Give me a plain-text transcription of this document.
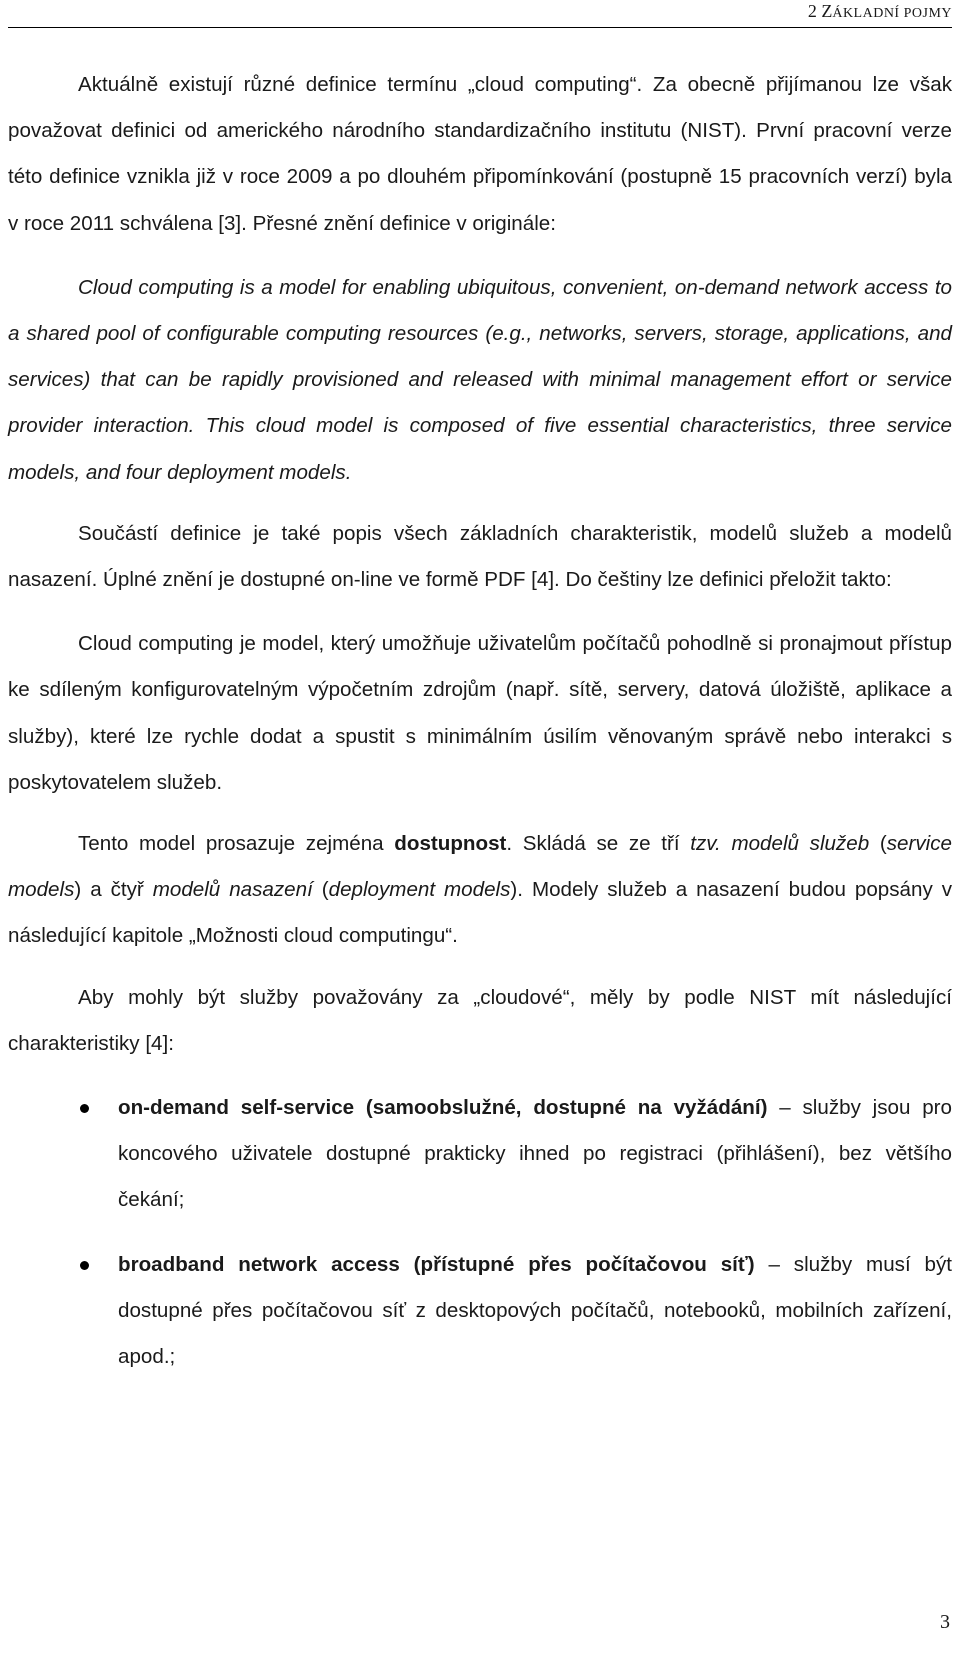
2 ZÁKLADNÍ POJMY

Aktuálně existují různé definice termínu „cloud computing“. Za obecně přijímanou lze však považovat definici od amerického národního standardizačního institutu (NIST). První pracovní verze této definice vznikla již v roce 2009 a po dlouhém připomínkování (postupně 15 pracovních verzí) byla v roce 2011 schválena [3]. Přesné znění definice v originále:

Cloud computing is a model for enabling ubiquitous, convenient, on-demand network access to a shared pool of configurable computing resources (e.g., networks, servers, storage, applications, and services) that can be rapidly provisioned and released with minimal management effort or service provider interaction. This cloud model is composed of five essential characteristics, three service models, and four deployment models.

Součástí definice je také popis všech základních charakteristik, modelů služeb a modelů nasazení. Úplné znění je dostupné on-line ve formě PDF [4]. Do češtiny lze definici přeložit takto:

Cloud computing je model, který umožňuje uživatelům počítačů pohodlně si pronajmout přístup ke sdíleným konfigurovatelným výpočetním zdrojům (např. sítě, servery, datová úložiště, aplikace a služby), které lze rychle dodat a spustit s minimálním úsilím věnovaným správě nebo interakci s poskytovatelem služeb.

Tento model prosazuje zejména dostupnost. Skládá se ze tří tzv. modelů služeb (service models) a čtyř modelů nasazení (deployment models). Modely služeb a nasazení budou popsány v následující kapitole „Možnosti cloud computingu“.

Aby mohly být služby považovány za „cloudové“, měly by podle NIST mít následující charakteristiky [4]:

on-demand self-service (samoobslužné, dostupné na vyžádání) – služby jsou pro koncového uživatele dostupné prakticky ihned po registraci (přihlášení), bez většího čekání;
broadband network access (přístupné přes počítačovou síť) – služby musí být dostupné přes počítačovou síť z desktopových počítačů, notebooků, mobilních zařízení, apod.;
3
